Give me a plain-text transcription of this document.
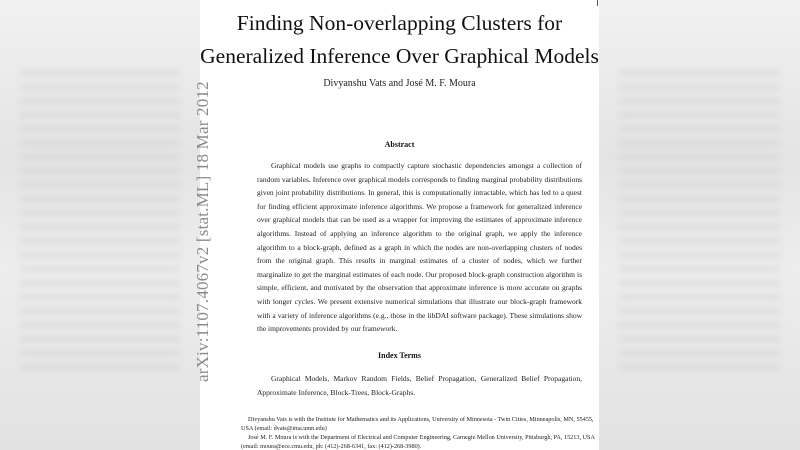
Finding Non-overlapping Clusters for
Generalized Inference Over Graphical Models
Divyanshu Vats and José M. F. Moura
Abstract
Graphical models use graphs to compactly capture stochastic dependencies amongst a collection of random variables. Inference over graphical models corresponds to finding marginal probability distributions given joint probability distributions. In general, this is computationally intractable, which has led to a quest for finding efficient approximate inference algorithms. We propose a framework for generalized inference over graphical models that can be used as a wrapper for improving the estimates of approximate inference algorithms. Instead of applying an inference algorithm to the original graph, we apply the inference algorithm to a block-graph, defined as a graph in which the nodes are non-overlapping clusters of nodes from the original graph. This results in marginal estimates of a cluster of nodes, which we further marginalize to get the marginal estimates of each node. Our proposed block-graph construction algorithm is simple, efficient, and motivated by the observation that approximate inference is more accurate on graphs with longer cycles. We present extensive numerical simulations that illustrate our block-graph framework with a variety of inference algorithms (e.g., those in the libDAI software package). These simulations show the improvements provided by our framework.
Index Terms
Graphical Models, Markov Random Fields, Belief Propagation, Generalized Belief Propagation, Approximate Inference, Block-Trees, Block-Graphs.
Divyanshu Vats is with the Institute for Mathematics and its Applications, University of Minnesota - Twin Cities, Minneapolis, MN, 55455, USA (email: dvats@ima.umn.edu)
José M. F. Moura is with the Department of Electrical and Computer Engineering, Carnegie Mellon University, Pittsburgh, PA, 15213, USA (email: moura@ece.cmu.edu, ph: (412)-268-6341, fax: (412)-268-3980).
arXiv:1107.4067v2 [stat.ML] 18 Mar 2012
